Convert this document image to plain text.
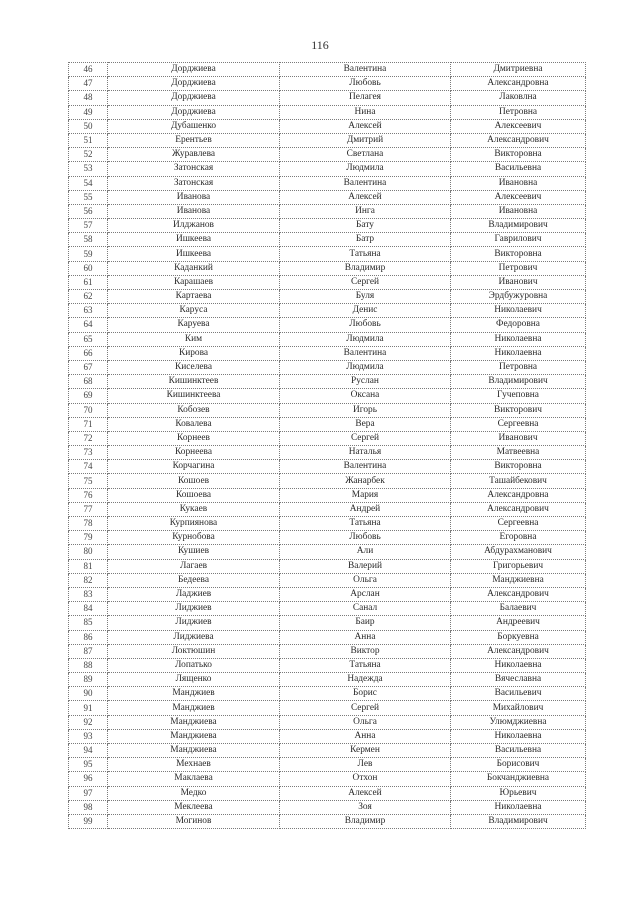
116
46	Дорджиева	Валентина	Дмитриевна
47	Дорджиева	Любовь	Александровна
48	Дорджиева	Пелагея	Лаковлна
49	Дорджиева	Нина	Петровна
50	Дубашенко	Алексей	Алексеевич
51	Ерентьев	Дмитрий	Александрович
52	Журавлева	Светлана	Викторовна
53	Затонская	Людмила	Васильевна
54	Затонская	Валентина	Ивановна
55	Иванова	Алексей	Алексеевич
56	Иванова	Инга	Ивановна
57	Илджанов	Бату	Владимирович
58	Ишкеева	Батр	Гаврилович
59	Ишкеева	Татьяна	Викторовна
60	Каданкий	Владимир	Петрович
61	Карашаев	Сергей	Иванович
62	Картаева	Буля	Эрдбужуровна
63	Каруса	Денис	Николаевич
64	Каруева	Любовь	Федоровна
65	Ким	Людмила	Николаевна
66	Кирова	Валентина	Николаевна
67	Киселева	Людмила	Петровна
68	Кишинктеев	Руслан	Владимирович
69	Кишинктеева	Оксана	Гучеповна
70	Кобозев	Игорь	Викторович
71	Ковалева	Вера	Сергеевна
72	Корнеев	Сергей	Иванович
73	Корнеева	Наталья	Матвеевна
74	Корчагина	Валентина	Викторовна
75	Кошоев	Жанарбек	Ташайбекович
76	Кошоева	Мария	Александровна
77	Кукаев	Андрей	Александрович
78	Курпиянова	Татьяна	Сергеевна
79	Курнобова	Любовь	Егоровна
80	Кушиев	Али	Абдурахманович
81	Лагаев	Валерий	Григорьевич
82	Бедеева	Ольга	Манджиевна
83	Ладжиев	Арслан	Александрович
84	Лиджиев	Санал	Балаевич
85	Лиджиев	Баир	Андреевич
86	Лиджиева	Анна	Боркуевна
87	Локтюшин	Виктор	Александрович
88	Лопатько	Татьяна	Николаевна
89	Лященко	Надежда	Вячеславна
90	Манджиев	Борис	Васильевич
91	Манджиев	Сергей	Михайлович
92	Манджиева	Ольга	Улюмджиевна
93	Манджиева	Анна	Николаевна
94	Манджиева	Кермен	Васильевна
95	Мехнаев	Лев	Борисович
96	Маклаева	Отхон	Бокчанджиевна
97	Медко	Алексей	Юрьевич
98	Меклеева	Зоя	Николаевна
99	Могинов	Владимир	Владимирович
